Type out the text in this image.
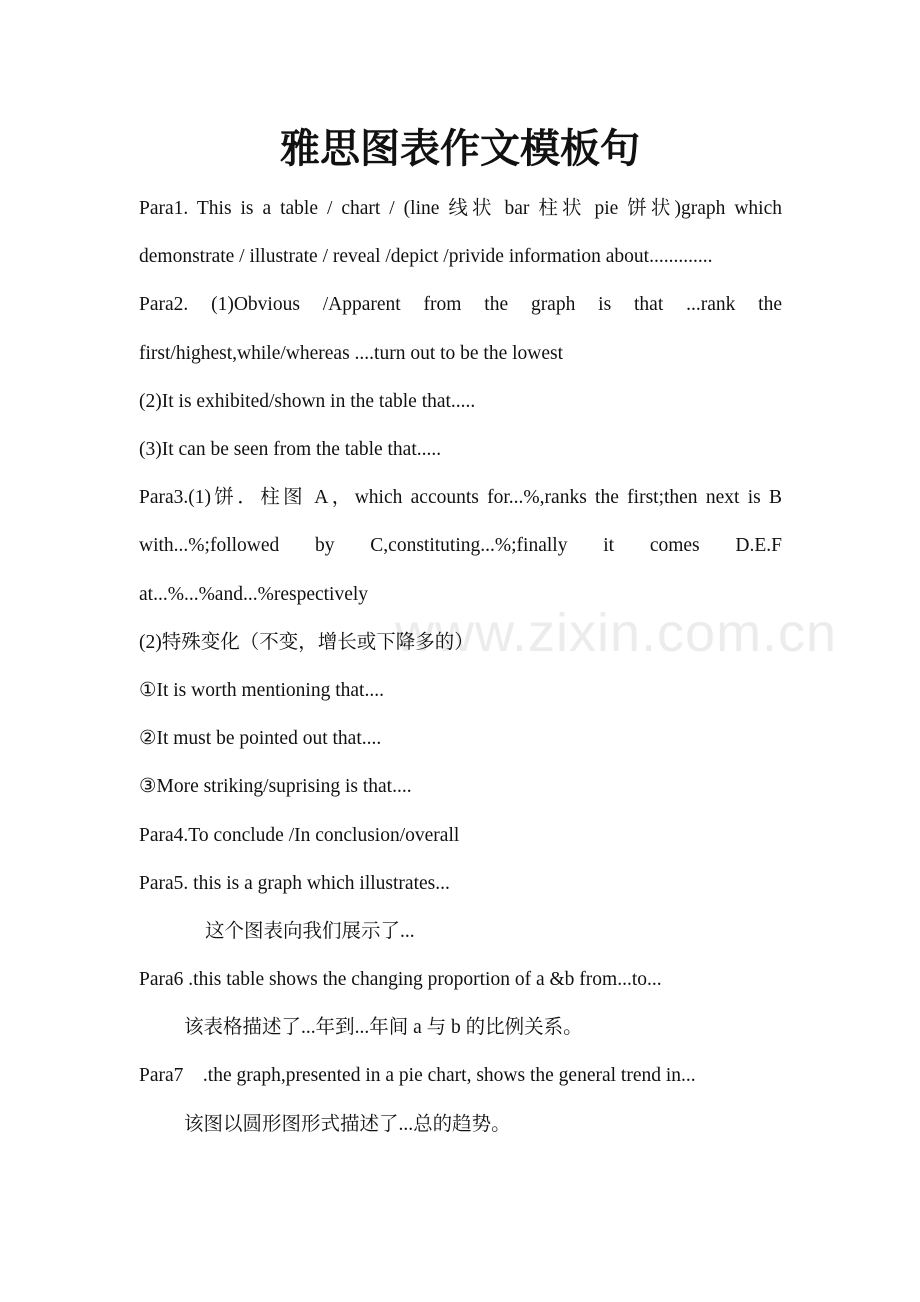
www.zixin.com.cn
雅思图表作文模板句
Para1. This is a table / chart / (line 线状 bar 柱状 pie 饼状)graph which demonstrate / illustrate / reveal /depict /privide information about.............
Para2. (1)Obvious /Apparent from the graph is that ...rank the first/highest,while/whereas ....turn out to be the lowest
(2)It is exhibited/shown in the table that.....
(3)It can be seen from the table that.....
Para3.(1)饼．柱图 A，which accounts for...%,ranks the first;then next is B with...%;followed by C,constituting...%;finally it comes D.E.F at...%...%and...%respectively
(2)特殊变化（不变，增长或下降多的）
①It is worth mentioning that....
②It must be pointed out that....
③More striking/suprising is that....
Para4.To conclude /In conclusion/overall
Para5. this is a graph which illustrates...
这个图表向我们展示了...
Para6 .this table shows the changing proportion of a &b from...to...
该表格描述了...年到...年间 a 与 b 的比例关系。
Para7    .the graph,presented in a pie chart, shows the general trend in...
该图以圆形图形式描述了...总的趋势。
